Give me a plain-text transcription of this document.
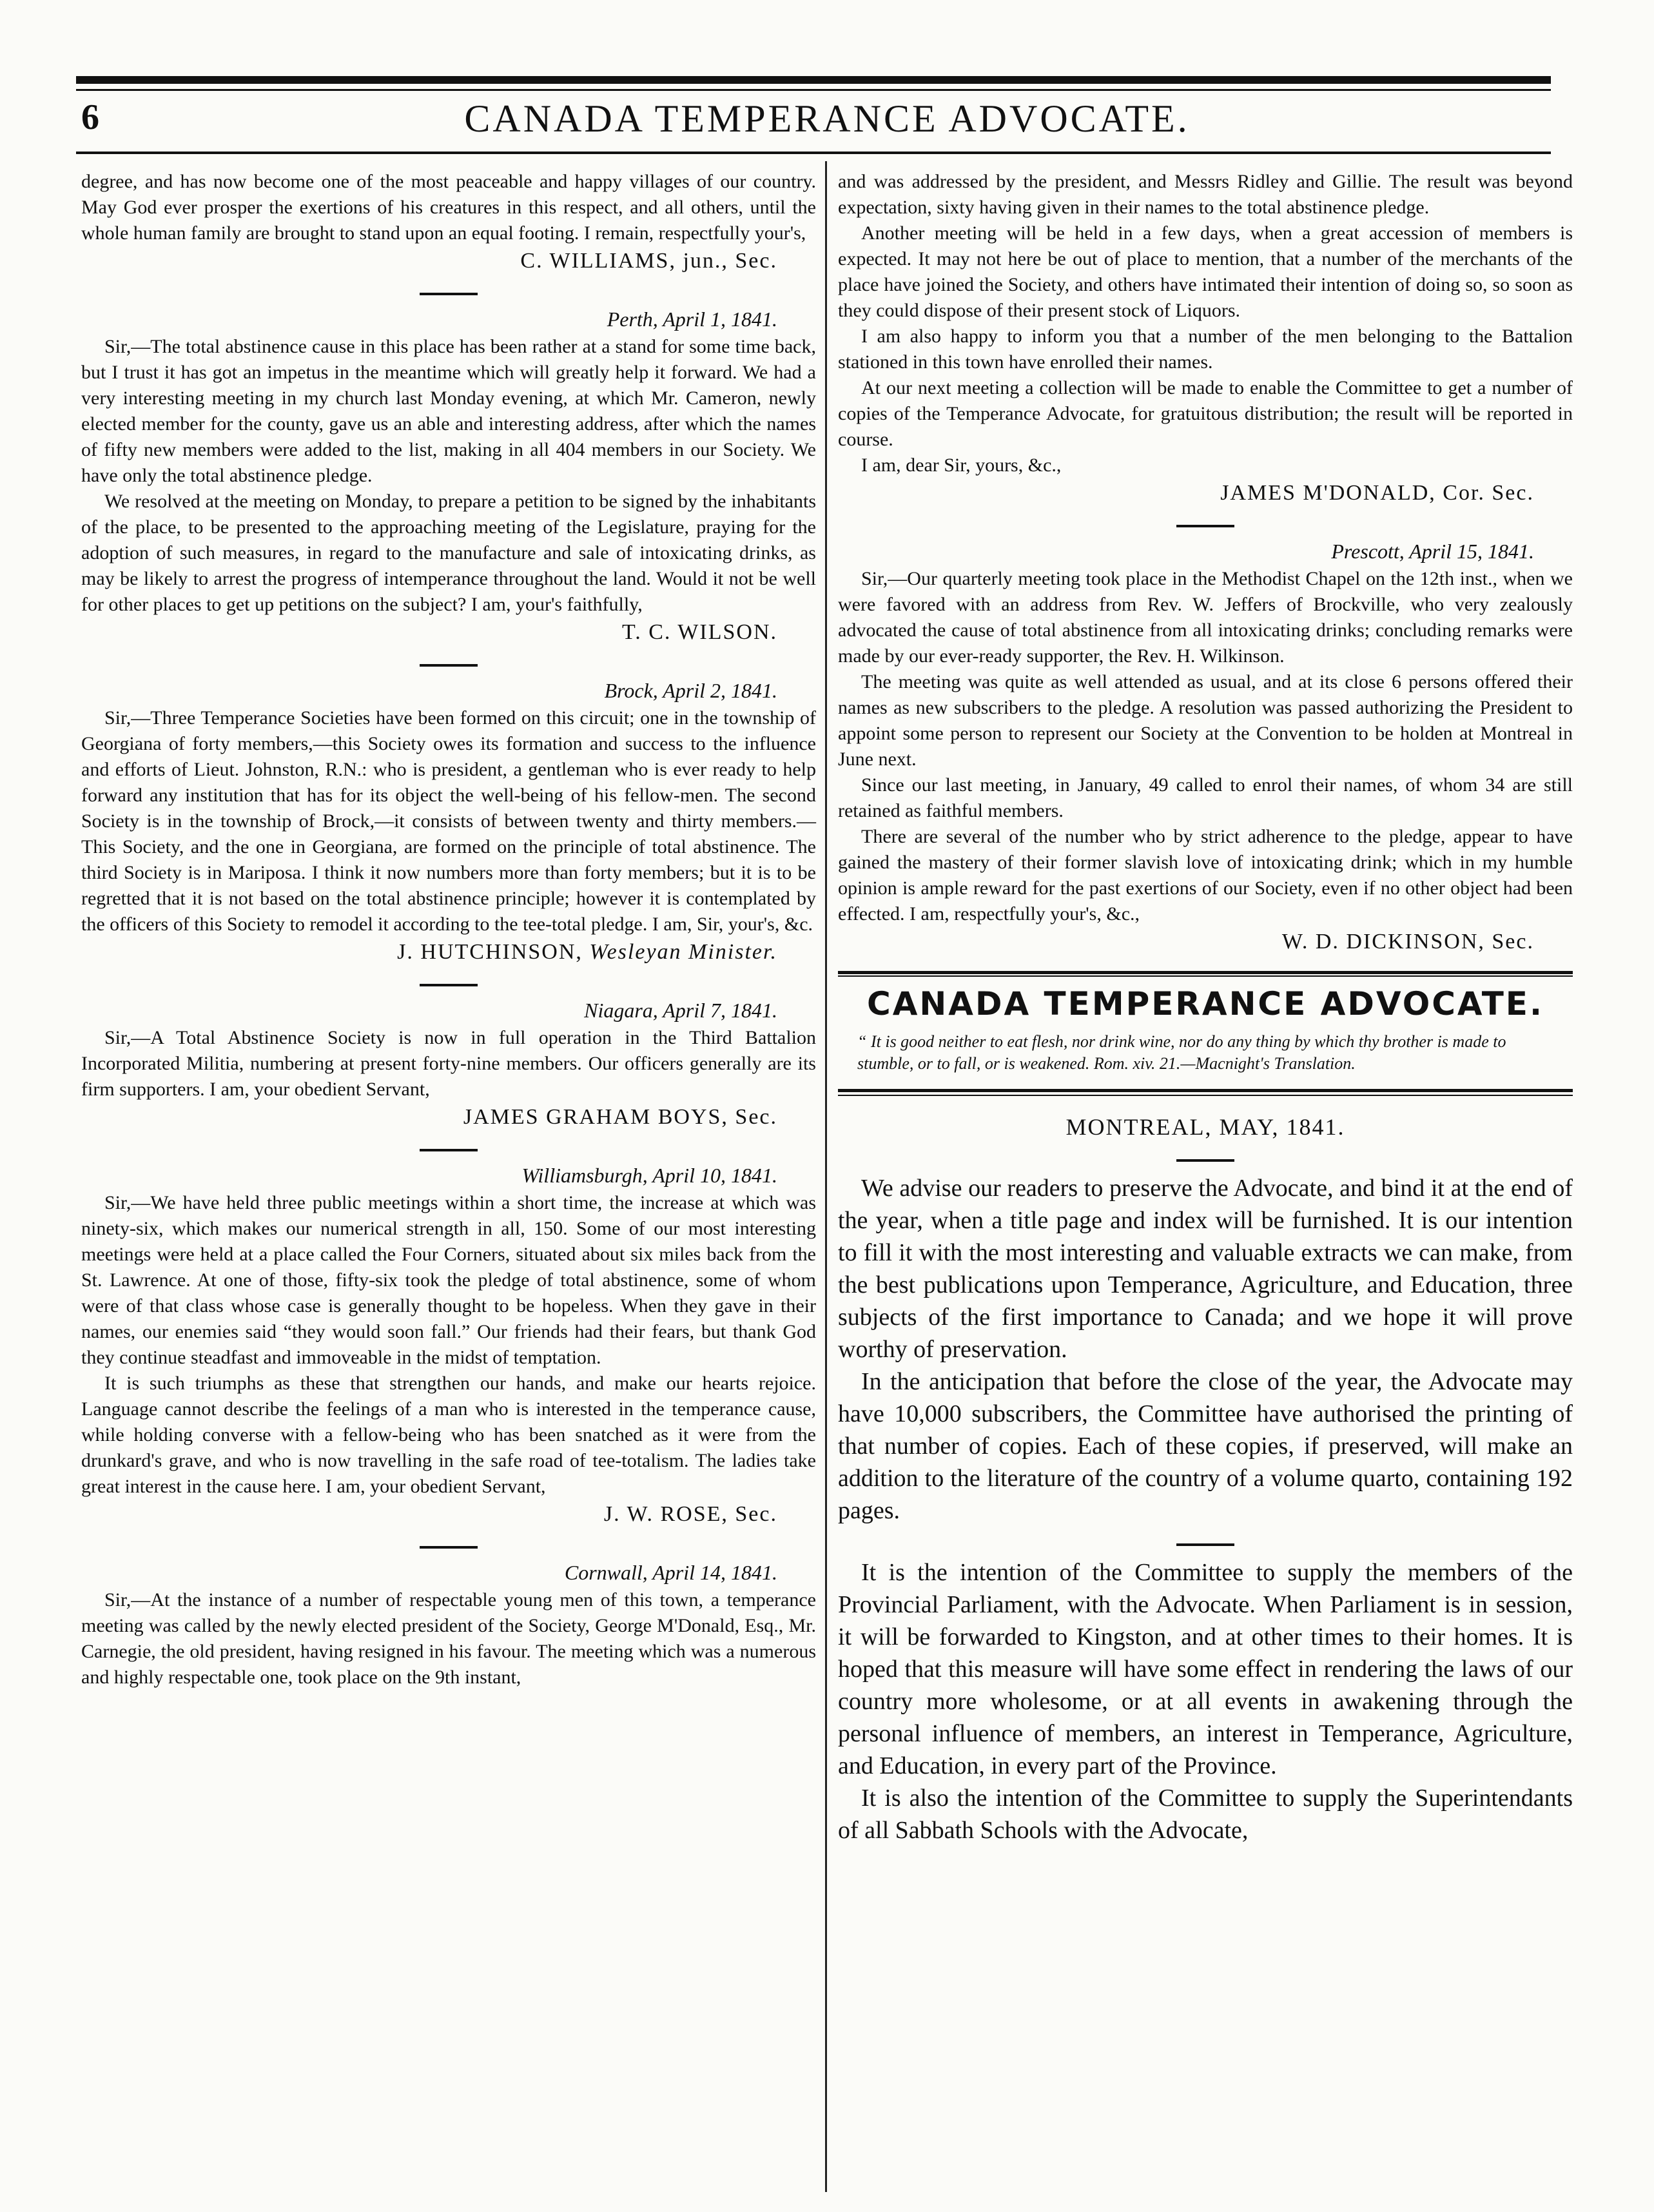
6	CANADA TEMPERANCE ADVOCATE.

degree, and has now become one of the most peaceable and happy villages of our country. May God ever prosper the exertions of his creatures in this respect, and all others, until the whole human family are brought to stand upon an equal footing. I remain, respectfully your's,

C. WILLIAMS, jun., Sec.
Perth, April 1, 1841.

Sir,—The total abstinence cause in this place has been rather at a stand for some time back, but I trust it has got an impetus in the meantime which will greatly help it forward. We had a very interesting meeting in my church last Monday evening, at which Mr. Cameron, newly elected member for the county, gave us an able and interesting address, after which the names of fifty new members were added to the list, making in all 404 members in our Society. We have only the total abstinence pledge.

We resolved at the meeting on Monday, to prepare a petition to be signed by the inhabitants of the place, to be presented to the approaching meeting of the Legislature, praying for the adoption of such measures, in regard to the manufacture and sale of intoxicating drinks, as may be likely to arrest the progress of intemperance throughout the land. Would it not be well for other places to get up petitions on the subject? I am, your's faithfully,

T. C. WILSON.
Brock, April 2, 1841.

Sir,—Three Temperance Societies have been formed on this circuit; one in the township of Georgiana of forty members,—this Society owes its formation and success to the influence and efforts of Lieut. Johnston, R.N.: who is president, a gentleman who is ever ready to help forward any institution that has for its object the well-being of his fellow-men. The second Society is in the township of Brock,—it consists of between twenty and thirty members.—This Society, and the one in Georgiana, are formed on the principle of total abstinence. The third Society is in Mariposa. I think it now numbers more than forty members; but it is to be regretted that it is not based on the total abstinence principle; however it is contemplated by the officers of this Society to remodel it according to the tee-total pledge. I am, Sir, your's, &c.

J. HUTCHINSON, Wesleyan Minister.
Niagara, April 7, 1841.

Sir,—A Total Abstinence Society is now in full operation in the Third Battalion Incorporated Militia, numbering at present forty-nine members. Our officers generally are its firm supporters. I am, your obedient Servant,

JAMES GRAHAM BOYS, Sec.
Williamsburgh, April 10, 1841.

Sir,—We have held three public meetings within a short time, the increase at which was ninety-six, which makes our numerical strength in all, 150. Some of our most interesting meetings were held at a place called the Four Corners, situated about six miles back from the St. Lawrence. At one of those, fifty-six took the pledge of total abstinence, some of whom were of that class whose case is generally thought to be hopeless. When they gave in their names, our enemies said “they would soon fall.” Our friends had their fears, but thank God they continue steadfast and immoveable in the midst of temptation.

It is such triumphs as these that strengthen our hands, and make our hearts rejoice. Language cannot describe the feelings of a man who is interested in the temperance cause, while holding converse with a fellow-being who has been snatched as it were from the drunkard's grave, and who is now travelling in the safe road of tee-totalism. The ladies take great interest in the cause here. I am, your obedient Servant,

J. W. ROSE, Sec.
Cornwall, April 14, 1841.

Sir,—At the instance of a number of respectable young men of this town, a temperance meeting was called by the newly elected president of the Society, George M'Donald, Esq., Mr. Carnegie, the old president, having resigned in his favour. The meeting which was a numerous and highly respectable one, took place on the 9th instant,

and was addressed by the president, and Messrs Ridley and Gillie. The result was beyond expectation, sixty having given in their names to the total abstinence pledge.

Another meeting will be held in a few days, when a great accession of members is expected. It may not here be out of place to mention, that a number of the merchants of the place have joined the Society, and others have intimated their intention of doing so, so soon as they could dispose of their present stock of Liquors.

I am also happy to inform you that a number of the men belonging to the Battalion stationed in this town have enrolled their names.

At our next meeting a collection will be made to enable the Committee to get a number of copies of the Temperance Advocate, for gratuitous distribution; the result will be reported in course.

I am, dear Sir, yours, &c.,
JAMES M'DONALD, Cor. Sec.
Prescott, April 15, 1841.

Sir,—Our quarterly meeting took place in the Methodist Chapel on the 12th inst., when we were favored with an address from Rev. W. Jeffers of Brockville, who very zealously advocated the cause of total abstinence from all intoxicating drinks; concluding remarks were made by our ever-ready supporter, the Rev. H. Wilkinson.

The meeting was quite as well attended as usual, and at its close 6 persons offered their names as new subscribers to the pledge. A resolution was passed authorizing the President to appoint some person to represent our Society at the Convention to be holden at Montreal in June next.

Since our last meeting, in January, 49 called to enrol their names, of whom 34 are still retained as faithful members.

There are several of the number who by strict adherence to the pledge, appear to have gained the mastery of their former slavish love of intoxicating drink; which in my humble opinion is ample reward for the past exertions of our Society, even if no other object had been effected. I am, respectfully your's, &c.,

W. D. DICKINSON, Sec.
CANADA TEMPERANCE ADVOCATE.
“ It is good neither to eat flesh, nor drink wine, nor do any thing by which thy brother is made to stumble, or to fall, or is weakened. Rom. xiv. 21.—Macnight's Translation.
MONTREAL, MAY, 1841.

We advise our readers to preserve the Advocate, and bind it at the end of the year, when a title page and index will be furnished. It is our intention to fill it with the most interesting and valuable extracts we can make, from the best publications upon Temperance, Agriculture, and Education, three subjects of the first importance to Canada; and we hope it will prove worthy of preservation.

In the anticipation that before the close of the year, the Advocate may have 10,000 subscribers, the Committee have authorised the printing of that number of copies. Each of these copies, if preserved, will make an addition to the literature of the country of a volume quarto, containing 192 pages.

It is the intention of the Committee to supply the members of the Provincial Parliament, with the Advocate. When Parliament is in session, it will be forwarded to Kingston, and at other times to their homes. It is hoped that this measure will have some effect in rendering the laws of our country more wholesome, or at all events in awakening through the personal influence of members, an interest in Temperance, Agriculture, and Education, in every part of the Province.

It is also the intention of the Committee to supply the Superintendants of all Sabbath Schools with the Advocate,
